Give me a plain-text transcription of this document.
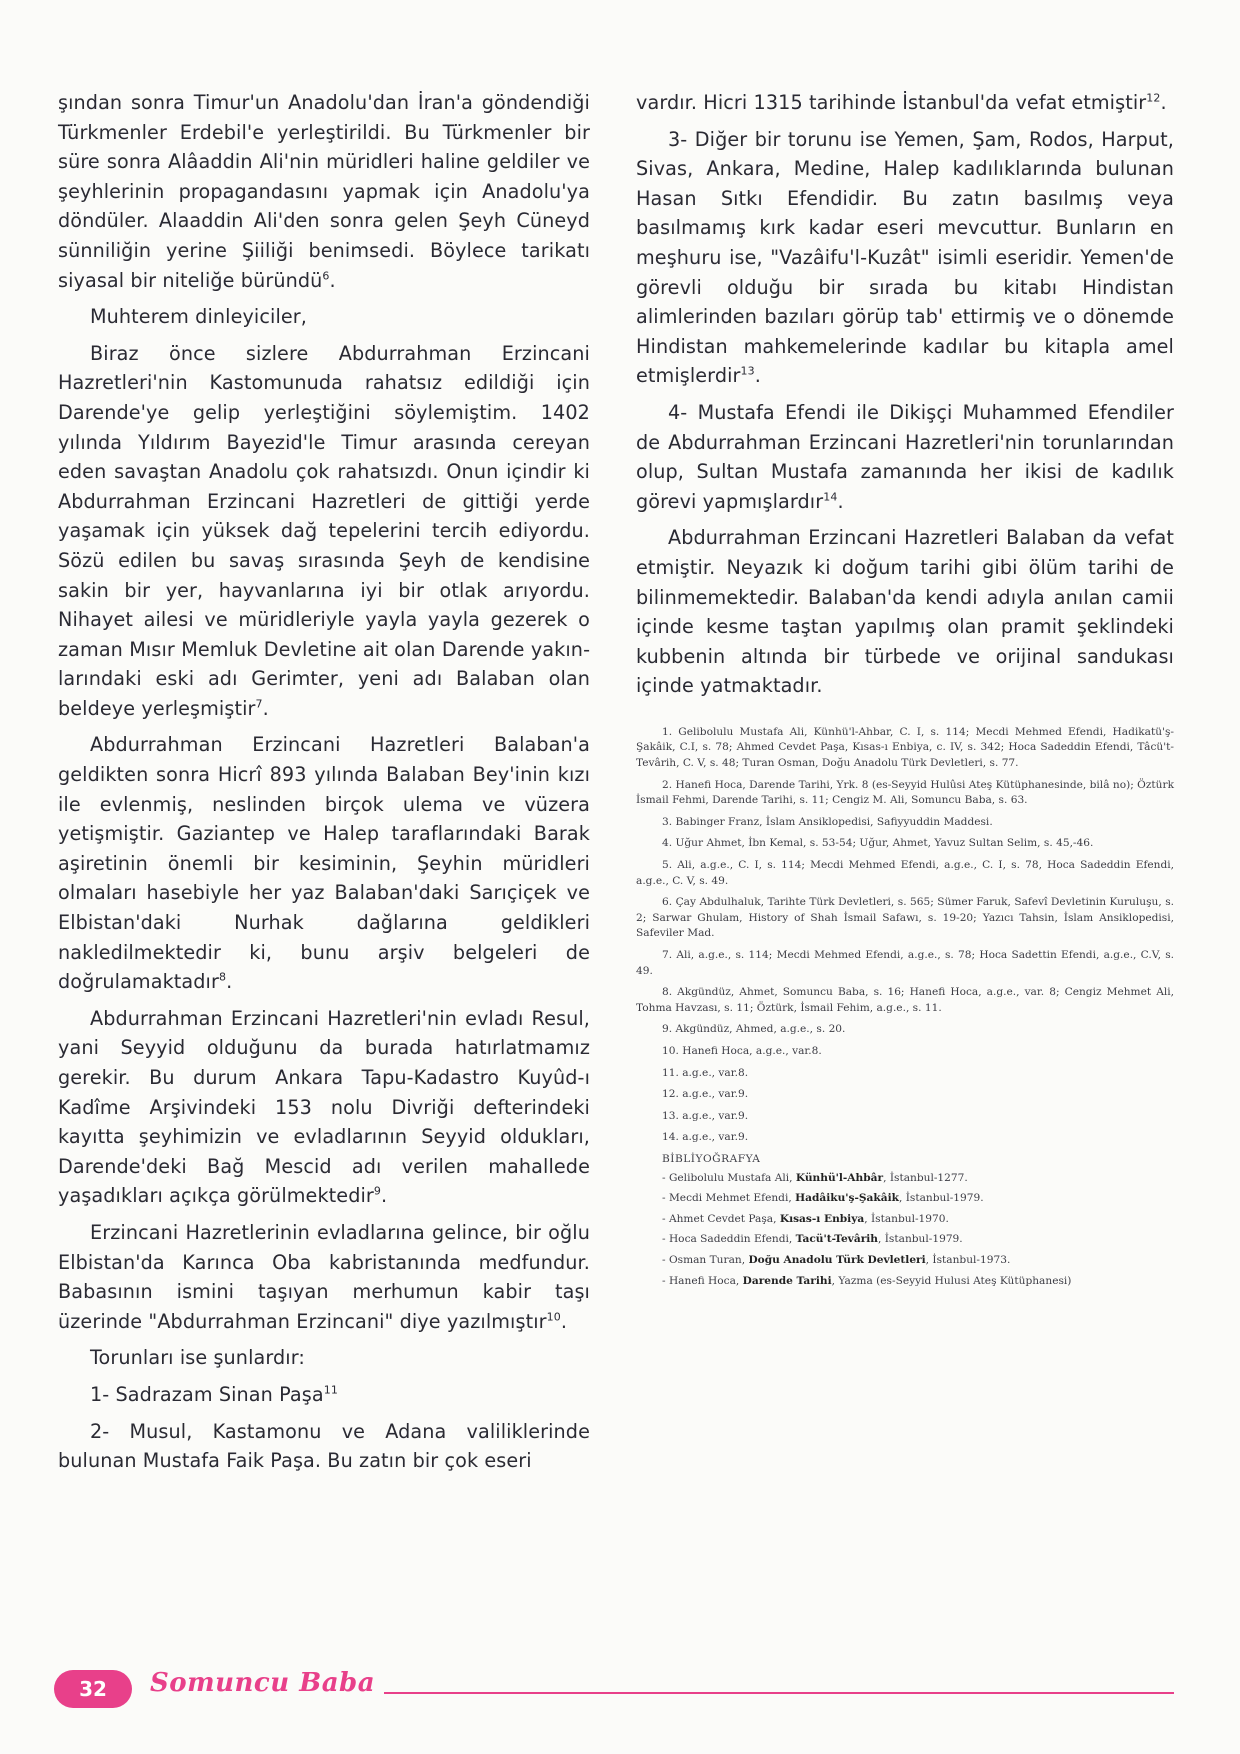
şından sonra Timur'un Anadolu'dan İran'a göndendiği Türkmenler Erdebil'e yerleştirildi. Bu Türkmenler bir süre sonra Alâaddin Ali'nin müridleri haline geldiler ve şeyhlerinin propagandasını yapmak için Anadolu'ya döndüler. Alaaddin Ali'den sonra gelen Şeyh Cüneyd sünniliğin yerine Şiiliği benimsedi. Böylece tarikatı siyasal bir niteliğe büründü$^6$.

Muhterem dinleyiciler,

Biraz önce sizlere Abdurrahman Erzincani Hazretleri'nin Kastomunuda rahatsız edildiği için Darende'ye gelip yerleştiğini söylemiştim. 1402 yılında Yıldırım Bayezid'le Timur arasında cereyan eden savaştan Anadolu çok rahatsızdı. Onun içindir ki Abdurrahman Erzincani Hazretleri de gittiği yerde yaşamak için yüksek dağ tepelerini tercih ediyordu. Sözü edilen bu savaş sırasında Şeyh de kendisine sakin bir yer, hayvanlarına iyi bir otlak arıyordu. Nihayet ailesi ve müridleriyle yayla yayla gezerek o zaman Mısır Memluk Devletine ait olan Darende yakınlarındaki eski adı Gerimter, yeni adı Balaban olan beldeye yerleşmiştir$^7$.

Abdurrahman Erzincani Hazretleri Balaban'a geldikten sonra Hicrî 893 yılında Balaban Bey'inin kızı ile evlenmiş, neslinden birçok ulema ve vüzera yetişmiştir. Gaziantep ve Halep taraflarındaki Barak aşiretinin önemli bir kesiminin, Şeyhin müridleri olmaları hasebiyle her yaz Balaban'daki Sarıçiçek ve Elbistan'daki Nurhak dağlarına geldikleri nakledilmektedir ki, bunu arşiv belgeleri de doğrulamaktadır$^8$.

Abdurrahman Erzincani Hazretleri'nin evladı Resul, yani Seyyid olduğunu da burada hatırlatmamız gerekir. Bu durum Ankara Tapu-Kadastro Kuyûd-ı Kadîme Arşivindeki 153 nolu Divriği defterindeki kayıtta şeyhimizin ve evladlarının Seyyid oldukları, Darende'deki Bağ Mescid adı verilen mahallede yaşadıkları açıkça görülmektedir$^9$.

Erzincani Hazretlerinin evladlarına gelince, bir oğlu Elbistan'da Karınca Oba kabristanında medfundur. Babasının ismini taşıyan merhumun kabir taşı üzerinde "Abdurrahman Erzincani" diye yazılmıştır$^{10}$.

Torunları ise şunlardır:

1- Sadrazam Sinan Paşa$^{11}$

2- Musul, Kastamonu ve Adana valiliklerinde bulunan Mustafa Faik Paşa. Bu zatın bir çok eseri

vardır. Hicri 1315 tarihinde İstanbul'da vefat etmiştir$^{12}$.

3- Diğer bir torunu ise Yemen, Şam, Rodos, Harput, Sivas, Ankara, Medine, Halep kadılıklarında bulunan Hasan Sıtkı Efendidir. Bu zatın basılmış veya basılmamış kırk kadar eseri mevcuttur. Bunların en meşhuru ise, "Vazâifu'l-Kuzât" isimli eseridir. Yemen'de görevli olduğu bir sırada bu kitabı Hindistan alimlerinden bazıları görüp tab' ettirmiş ve o dönemde Hindistan mahkemelerinde kadılar bu kitapla amel etmişlerdir$^{13}$.

4- Mustafa Efendi ile Dikişçi Muhammed Efendiler de Abdurrahman Erzincani Hazretleri'nin torunlarından olup, Sultan Mustafa zamanında her ikisi de kadılık görevi yapmışlardır$^{14}$.

Abdurrahman Erzincani Hazretleri Balaban da vefat etmiştir. Neyazık ki doğum tarihi gibi ölüm tarihi de bilinmemektedir. Balaban'da kendi adıyla anılan camii içinde kesme taştan yapılmış olan pramit şeklindeki kubbenin altında bir türbede ve orijinal sandukası içinde yatmaktadır.

1. Gelibolulu Mustafa Ali, Künhü'l-Ahbar, C. I, s. 114; Mecdi Mehmed Efendi, Hadikatü'ş-Şakâik, C.I, s. 78; Ahmed Cevdet Paşa, Kısas-ı Enbiya, c. IV, s. 342; Hoca Sadeddin Efendi, Tâcü't-Tevârih, C. V, s. 48; Turan Osman, Doğu Anadolu Türk Devletleri, s. 77.

2. Hanefi Hoca, Darende Tarihi, Yrk. 8 (es-Seyyid Hulûsi Ateş Kütüphanesinde, bilâ no); Öztürk İsmail Fehmi, Darende Tarihi, s. 11; Cengiz M. Ali, Somuncu Baba, s. 63.

3. Babinger Franz, İslam Ansiklopedisi, Safiyyuddin Maddesi.

4. Uğur Ahmet, İbn Kemal, s. 53-54; Uğur, Ahmet, Yavuz Sultan Selim, s. 45,-46.

5. Ali, a.g.e., C. I, s. 114; Mecdi Mehmed Efendi, a.g.e., C. I, s. 78, Hoca Sadeddin Efendi, a.g.e., C. V, s. 49.

6. Çay Abdulhaluk, Tarihte Türk Devletleri, s. 565; Sümer Faruk, Safevî Devletinin Kuruluşu, s. 2; Sarwar Ghulam, History of Shah İsmail Safawı, s. 19-20; Yazıcı Tahsin, İslam Ansiklopedisi, Safeviler Mad.

7. Ali, a.g.e., s. 114; Mecdi Mehmed Efendi, a.g.e., s. 78; Hoca Sadettin Efendi, a.g.e., C.V, s. 49.

8. Akgündüz, Ahmet, Somuncu Baba, s. 16; Hanefi Hoca, a.g.e., var. 8; Cengiz Mehmet Ali, Tohma Havzası, s. 11; Öztürk, İsmail Fehim, a.g.e., s. 11.

9. Akgündüz, Ahmed, a.g.e., s. 20.

10. Hanefi Hoca, a.g.e., var.8.

11. a.g.e., var.8.

12. a.g.e., var.9.

13. a.g.e., var.9.

14. a.g.e., var.9.

BİBLİYOĞRAFYA

- Gelibolulu Mustafa Ali, Künhü'l-Ahbâr, İstanbul-1277.

- Mecdi Mehmet Efendi, Hadâiku'ş-Şakâik, İstanbul-1979.

- Ahmet Cevdet Paşa, Kısas-ı Enbiya, İstanbul-1970.

- Hoca Sadeddin Efendi, Tacü't-Tevârih, İstanbul-1979.

- Osman Turan, Doğu Anadolu Türk Devletleri, İstanbul-1973.

- Hanefi Hoca, Darende Tarihi, Yazma (es-Seyyid Hulusi Ateş Kütüphanesi)

32	Somuncu Baba
